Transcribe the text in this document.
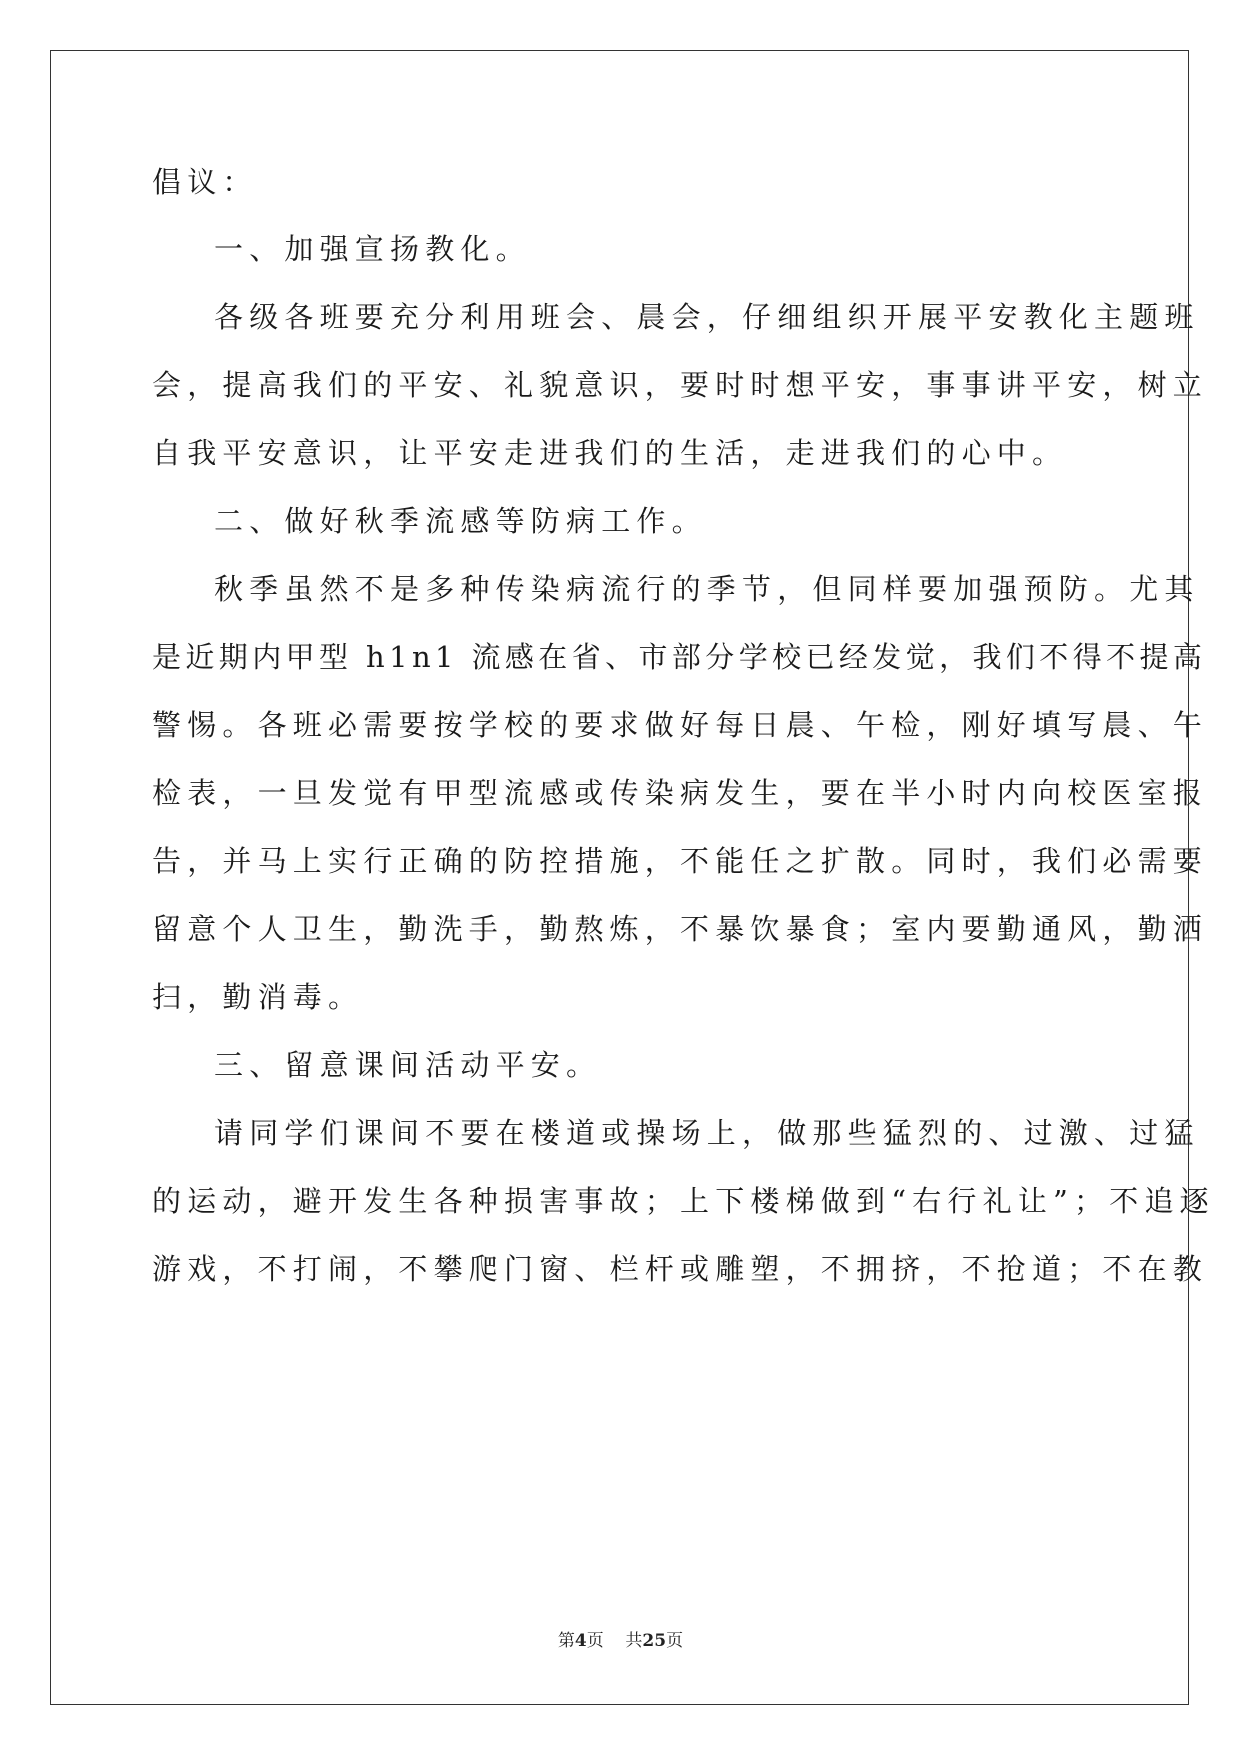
倡议：
一、加强宣扬教化。
各级各班要充分利用班会、晨会，仔细组织开展平安教化主题班
会，提高我们的平安、礼貌意识，要时时想平安，事事讲平安，树立
自我平安意识，让平安走进我们的生活，走进我们的心中。
二、做好秋季流感等防病工作。
秋季虽然不是多种传染病流行的季节，但同样要加强预防。尤其
是近期内甲型 h1n1 流感在省、市部分学校已经发觉，我们不得不提高
警惕。各班必需要按学校的要求做好每日晨、午检，刚好填写晨、午
检表，一旦发觉有甲型流感或传染病发生，要在半小时内向校医室报
告，并马上实行正确的防控措施，不能任之扩散。同时，我们必需要
留意个人卫生，勤洗手，勤熬炼，不暴饮暴食；室内要勤通风，勤洒
扫，勤消毒。
三、留意课间活动平安。
请同学们课间不要在楼道或操场上，做那些猛烈的、过激、过猛
的运动，避开发生各种损害事故；上下楼梯做到“右行礼让”；不追逐
游戏，不打闹，不攀爬门窗、栏杆或雕塑，不拥挤，不抢道；不在教
第4页 共25页
